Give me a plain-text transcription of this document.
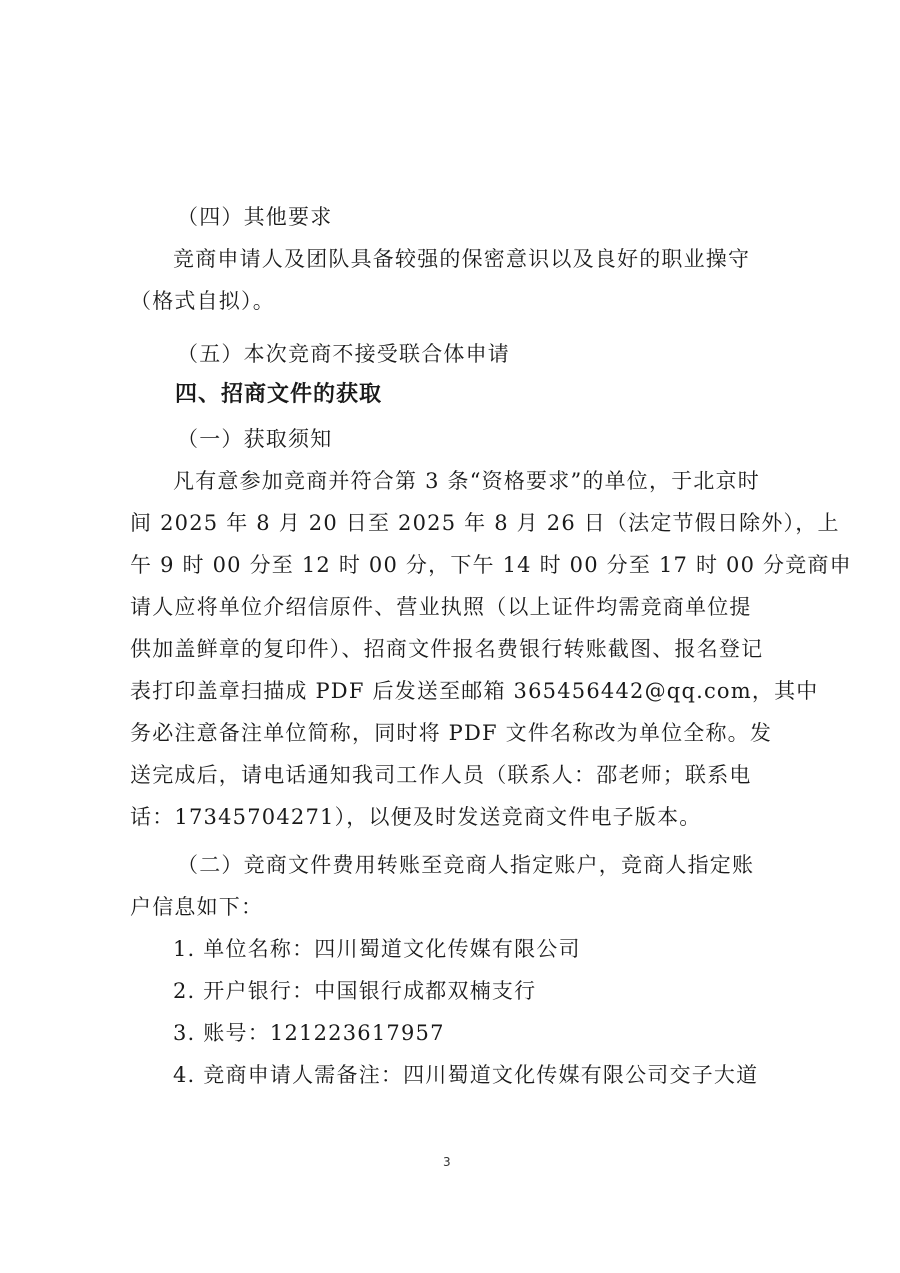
（四）其他要求
竞商申请人及团队具备较强的保密意识以及良好的职业操守
（格式自拟）。
（五）本次竞商不接受联合体申请
四、招商文件的获取
（一）获取须知
凡有意参加竞商并符合第 3 条“资格要求”的单位，于北京时
间 2025 年 8 月 20 日至 2025 年 8 月 26 日（法定节假日除外），上
午 9 时 00 分至 12 时 00 分，下午 14 时 00 分至 17 时 00 分竞商申
请人应将单位介绍信原件、营业执照（以上证件均需竞商单位提
供加盖鲜章的复印件）、招商文件报名费银行转账截图、报名登记
表打印盖章扫描成 PDF 后发送至邮箱 365456442@qq.com，其中
务必注意备注单位简称，同时将 PDF 文件名称改为单位全称。发
送完成后，请电话通知我司工作人员（联系人：邵老师；联系电
话：17345704271），以便及时发送竞商文件电子版本。
（二）竞商文件费用转账至竞商人指定账户，竞商人指定账
户信息如下：
1. 单位名称：四川蜀道文化传媒有限公司
2. 开户银行：中国银行成都双楠支行
3. 账号：121223617957
4. 竞商申请人需备注：四川蜀道文化传媒有限公司交子大道
3
